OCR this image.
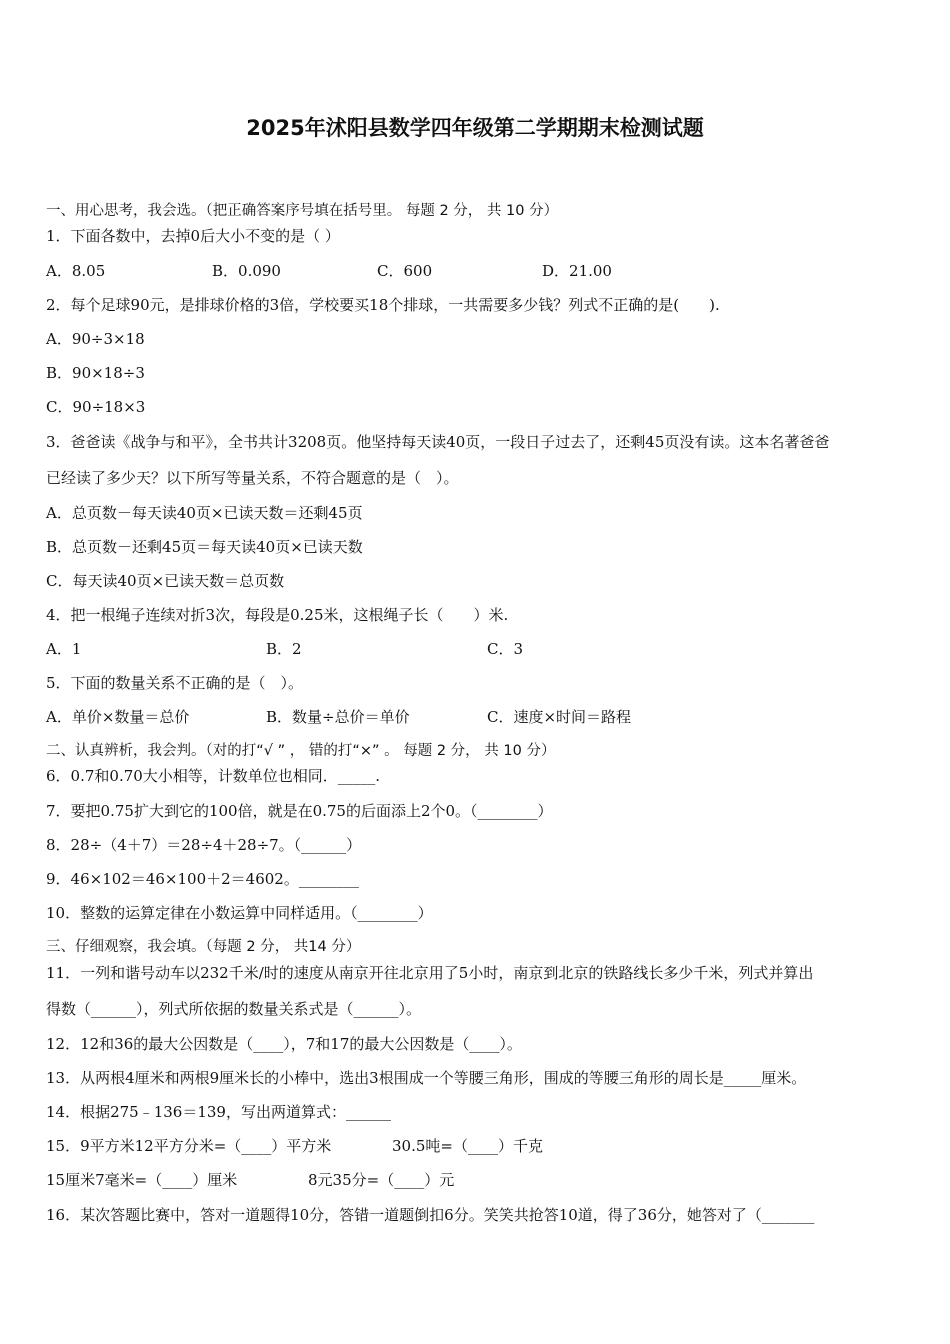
2025年沭阳县数学四年级第二学期期末检测试题
一、用心思考，我会选。（把正确答案序号填在括号里。 每题 2 分， 共 10 分）
1．下面各数中，去掉0后大小不变的是（ ）
A．8.05	B．0.090	C．600	D．21.00
2．每个足球90元，是排球价格的3倍，学校要买18个排球，一共需要多少钱？列式不正确的是(　　).
A．90÷3×18
B．90×18÷3
C．90÷18×3
3．爸爸读《战争与和平》，全书共计3208页。他坚持每天读40页，一段日子过去了，还剩45页没有读。这本名著爸爸
已经读了多少天？以下所写等量关系，不符合题意的是（　）。
A．总页数－每天读40页×已读天数＝还剩45页
B．总页数－还剩45页＝每天读40页×已读天数
C．每天读40页×已读天数＝总页数
4．把一根绳子连续对折3次，每段是0.25米，这根绳子长（　　）米.
A．1	B．2	C．3
5．下面的数量关系不正确的是（　）。
A．单价×数量＝总价	B．数量÷总价＝单价	C．速度×时间＝路程
二、认真辨析，我会判。（对的打“√ ” ， 错的打“×” 。 每题 2 分， 共 10 分）
6．0.7和0.70大小相等，计数单位也相同．_____.
7．要把0.75扩大到它的100倍，就是在0.75的后面添上2个0。（________）
8．28÷（4＋7）＝28÷4＋28÷7。（______）
9．46×102＝46×100＋2＝4602。________
10．整数的运算定律在小数运算中同样适用。（________）
三、仔细观察，我会填。（每题 2 分， 共14 分）
11．一列和谐号动车以232千米/时的速度从南京开往北京用了5小时，南京到北京的铁路线长多少千米，列式并算出
得数（______），列式所依据的数量关系式是（______）。
12．12和36的最大公因数是（____），7和17的最大公因数是（____）。
13．从两根4厘米和两根9厘米长的小棒中，选出3根围成一个等腰三角形，围成的等腰三角形的周长是_____厘米。
14．根据275﹣136＝139，写出两道算式：______
15．9平方米12平方分米=（____）平方米	30.5吨=（____）千克
15厘米7毫米=（____）厘米	8元35分=（____）元
16．某次答题比赛中，答对一道题得10分，答错一道题倒扣6分。笑笑共抢答10道，得了36分，她答对了（_______
